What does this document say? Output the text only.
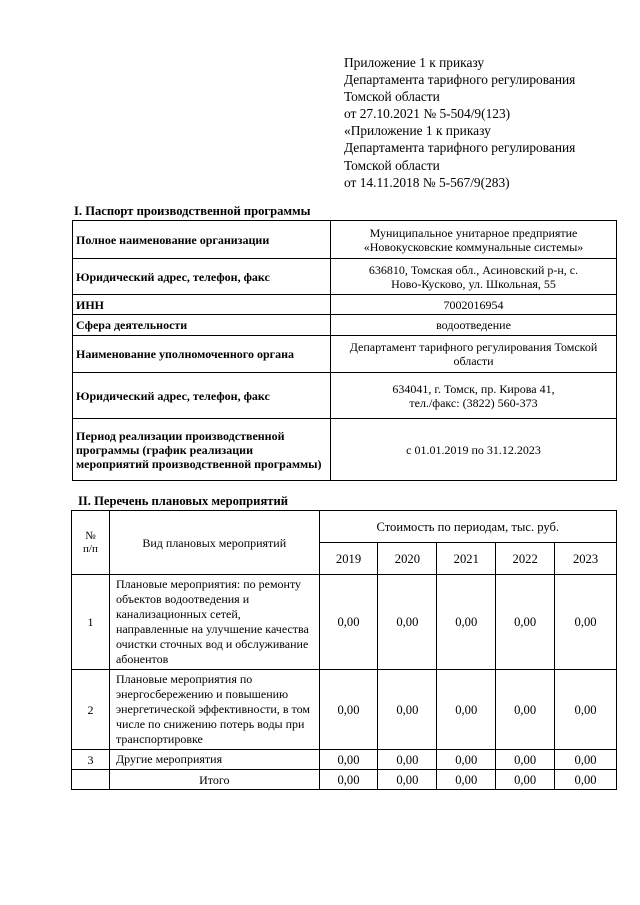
Приложение 1 к приказу
Департамента тарифного регулирования
Томской области
от 27.10.2021 № 5-504/9(123)
«Приложение 1 к приказу
Департамента тарифного регулирования
Томской области
от 14.11.2018 № 5-567/9(283)
I. Паспорт производственной программы
Полное наименование организации	Муниципальное унитарное предприятие
«Новокусковские коммунальные системы»
Юридический адрес, телефон, факс	636810, Томская обл., Асиновский р-н, с.
Ново-Кусково, ул. Школьная, 55
ИНН	7002016954
Сфера деятельности	водоотведение
Наименование уполномоченного органа	Департамент тарифного регулирования Томской
области
Юридический адрес, телефон, факс	634041, г. Томск, пр. Кирова 41,
тел./факс: (3822) 560-373
Период реализации производственной программы (график реализации мероприятий производственной программы)	с 01.01.2019 по 31.12.2023
II. Перечень плановых мероприятий
№ п/п	Вид плановых мероприятий	Стоимость по периодам, тыс. руб.				
		2019	2020	2021	2022	2023
1	Плановые мероприятия: по ремонту объектов водоотведения и канализационных сетей, направленные на улучшение качества очистки сточных вод и обслуживание абонентов	0,00	0,00	0,00	0,00	0,00
2	Плановые мероприятия по энергосбережению и повышению энергетической эффективности, в том числе по снижению потерь воды при транспортировке	0,00	0,00	0,00	0,00	0,00
3	Другие мероприятия	0,00	0,00	0,00	0,00	0,00
	Итого	0,00	0,00	0,00	0,00	0,00
